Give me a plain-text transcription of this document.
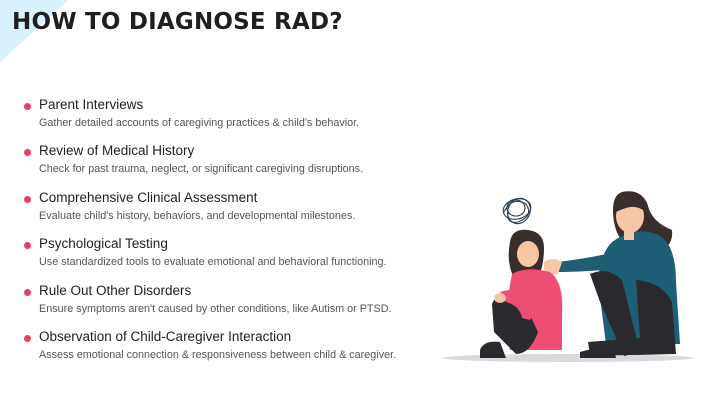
HOW TO DIAGNOSE RAD?
Parent Interviews
Gather detailed accounts of caregiving practices & child's behavior.
Review of Medical History
Check for past trauma, neglect, or significant caregiving disruptions.
Comprehensive Clinical Assessment
Evaluate child's history, behaviors, and developmental milestones.
Psychological Testing
Use standardized tools to evaluate emotional and behavioral functioning.
Rule Out Other Disorders
Ensure symptoms aren't caused by other conditions, like Autism or PTSD.
Observation of Child-Caregiver Interaction
Assess emotional connection & responsiveness between child & caregiver.
